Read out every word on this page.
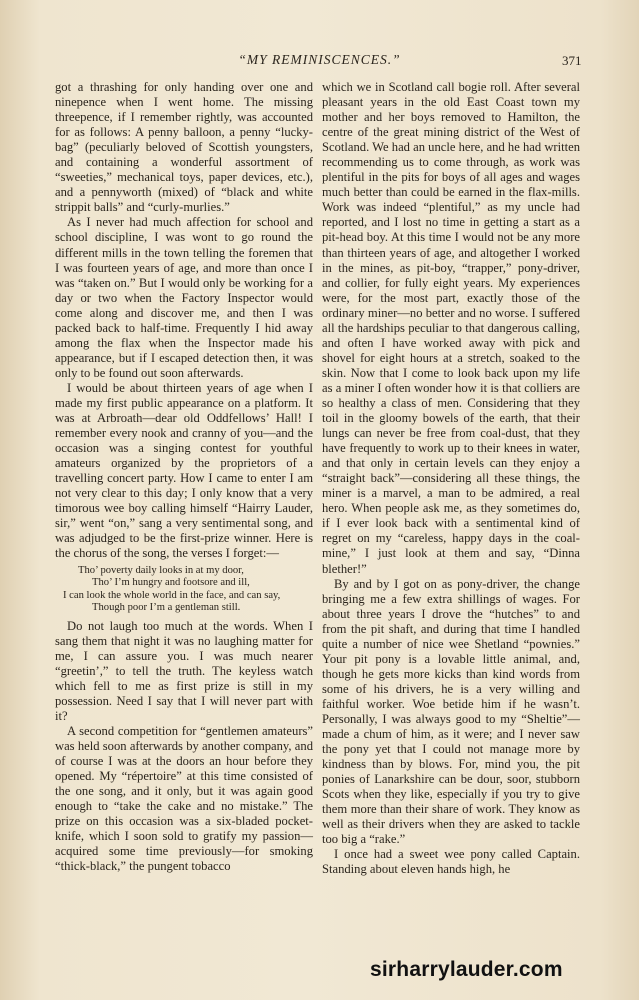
“MY REMINISCENCES.”	371

got a thrashing for only handing over one and ninepence when I went home. The missing threepence, if I remember rightly, was accounted for as follows: A penny balloon, a penny “lucky-bag” (peculiarly beloved of Scottish youngsters, and containing a wonderful assortment of “sweeties,” mechanical toys, paper devices, etc.), and a pennyworth (mixed) of “black and white strippit balls” and “curly-murlies.”

As I never had much affection for school and school discipline, I was wont to go round the different mills in the town telling the foremen that I was fourteen years of age, and more than once I was “taken on.” But I would only be working for a day or two when the Factory Inspector would come along and discover me, and then I was packed back to half-time. Frequently I hid away among the flax when the Inspector made his appearance, but if I escaped detection then, it was only to be found out soon afterwards.

I would be about thirteen years of age when I made my first public appearance on a platform. It was at Arbroath—dear old Oddfellows’ Hall! I remember every nook and cranny of you—and the occasion was a singing contest for youthful amateurs organized by the proprietors of a travelling concert party. How I came to enter I am not very clear to this day; I only know that a very timorous wee boy calling himself “Hairry Lauder, sir,” went “on,” sang a very sentimental song, and was adjudged to be the first-prize winner. Here is the chorus of the song, the verses I forget:—

Tho’ poverty daily looks in at my door,
Tho’ I’m hungry and footsore and ill,
I can look the whole world in the face, and can say,
Though poor I’m a gentleman still.

Do not laugh too much at the words. When I sang them that night it was no laughing matter for me, I can assure you. I was much nearer “greetin’,” to tell the truth. The keyless watch which fell to me as first prize is still in my possession. Need I say that I will never part with it?

A second competition for “gentlemen amateurs” was held soon afterwards by another company, and of course I was at the doors an hour before they opened. My “répertoire” at this time consisted of the one song, and it only, but it was again good enough to “take the cake and no mistake.” The prize on this occasion was a six-bladed pocket-knife, which I soon sold to gratify my passion—acquired some time previously—for smoking “thick-black,” the pungent tobacco

which we in Scotland call bogie roll. After several pleasant years in the old East Coast town my mother and her boys removed to Hamilton, the centre of the great mining district of the West of Scotland. We had an uncle here, and he had written recommending us to come through, as work was plentiful in the pits for boys of all ages and wages much better than could be earned in the flax-mills. Work was indeed “plentiful,” as my uncle had reported, and I lost no time in getting a start as a pit-head boy. At this time I would not be any more than thirteen years of age, and altogether I worked in the mines, as pit-boy, “trapper,” pony-driver, and collier, for fully eight years. My experiences were, for the most part, exactly those of the ordinary miner—no better and no worse. I suffered all the hardships peculiar to that dangerous calling, and often I have worked away with pick and shovel for eight hours at a stretch, soaked to the skin. Now that I come to look back upon my life as a miner I often wonder how it is that colliers are so healthy a class of men. Considering that they toil in the gloomy bowels of the earth, that their lungs can never be free from coal-dust, that they have frequently to work up to their knees in water, and that only in certain levels can they enjoy a “straight back”—considering all these things, the miner is a marvel, a man to be admired, a real hero. When people ask me, as they sometimes do, if I ever look back with a sentimental kind of regret on my “careless, happy days in the coal-mine,” I just look at them and say, “Dinna blether!”

By and by I got on as pony-driver, the change bringing me a few extra shillings of wages. For about three years I drove the “hutches” to and from the pit shaft, and during that time I handled quite a number of nice wee Shetland “pownies.” Your pit pony is a lovable little animal, and, though he gets more kicks than kind words from some of his drivers, he is a very willing and faithful worker. Woe betide him if he wasn’t. Personally, I was always good to my “Sheltie”—made a chum of him, as it were; and I never saw the pony yet that I could not manage more by kindness than by blows. For, mind you, the pit ponies of Lanarkshire can be dour, soor, stubborn Scots when they like, especially if you try to give them more than their share of work. They know as well as their drivers when they are asked to tackle too big a “rake.”

I once had a sweet wee pony called Captain. Standing about eleven hands high, he

sirharrylauder.com
